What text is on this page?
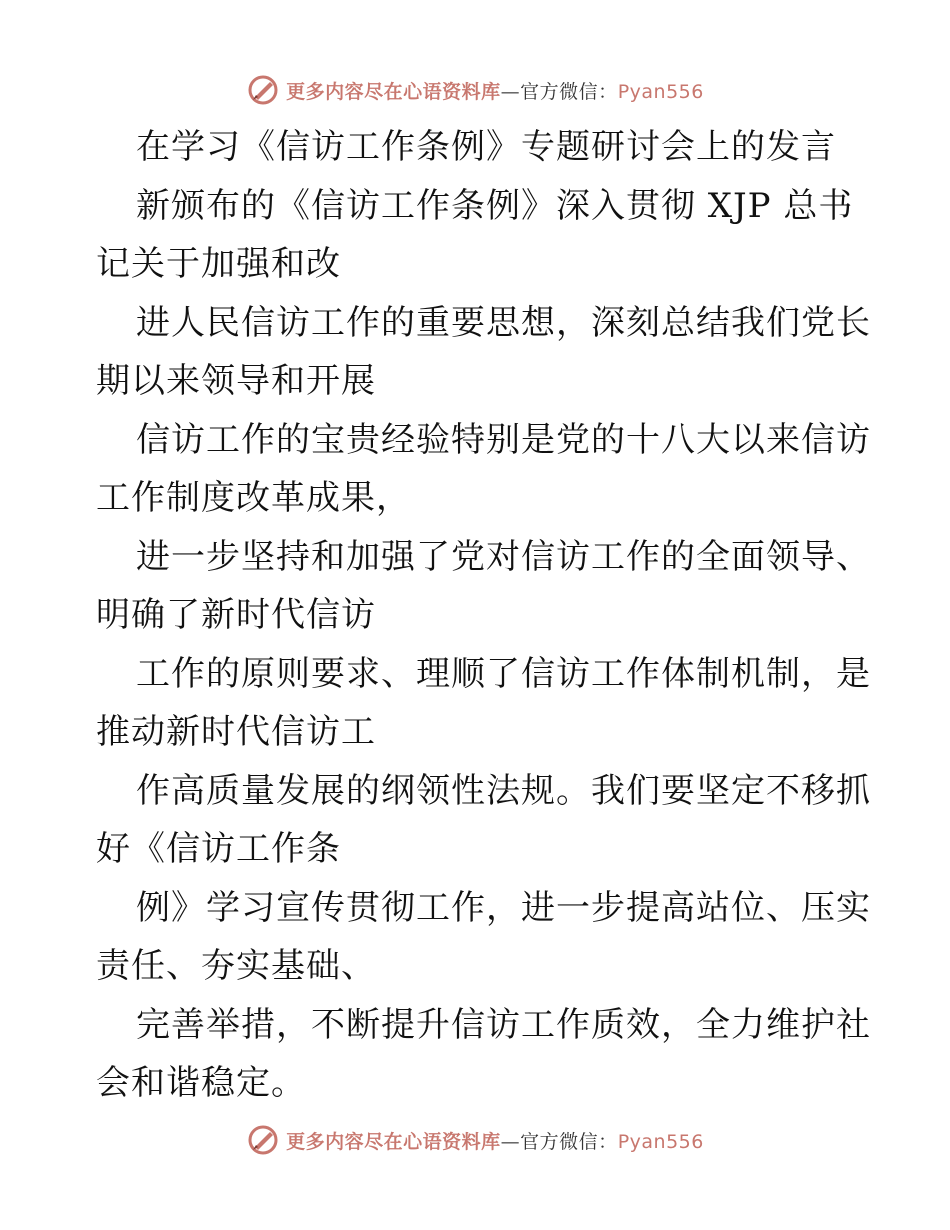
更多内容尽在心语资料库—官方微信：Pyan556
在学习《信访工作条例》专题研讨会上的发言
新颁布的《信访工作条例》深入贯彻 XJP 总书
记关于加强和改
进人民信访工作的重要思想，深刻总结我们党长
期以来领导和开展
信访工作的宝贵经验特别是党的十八大以来信访
工作制度改革成果，
进一步坚持和加强了党对信访工作的全面领导、
明确了新时代信访
工作的原则要求、理顺了信访工作体制机制，是
推动新时代信访工
作高质量发展的纲领性法规。我们要坚定不移抓
好《信访工作条
例》学习宣传贯彻工作，进一步提高站位、压实
责任、夯实基础、
完善举措，不断提升信访工作质效，全力维护社
会和谐稳定。
更多内容尽在心语资料库—官方微信：Pyan556
